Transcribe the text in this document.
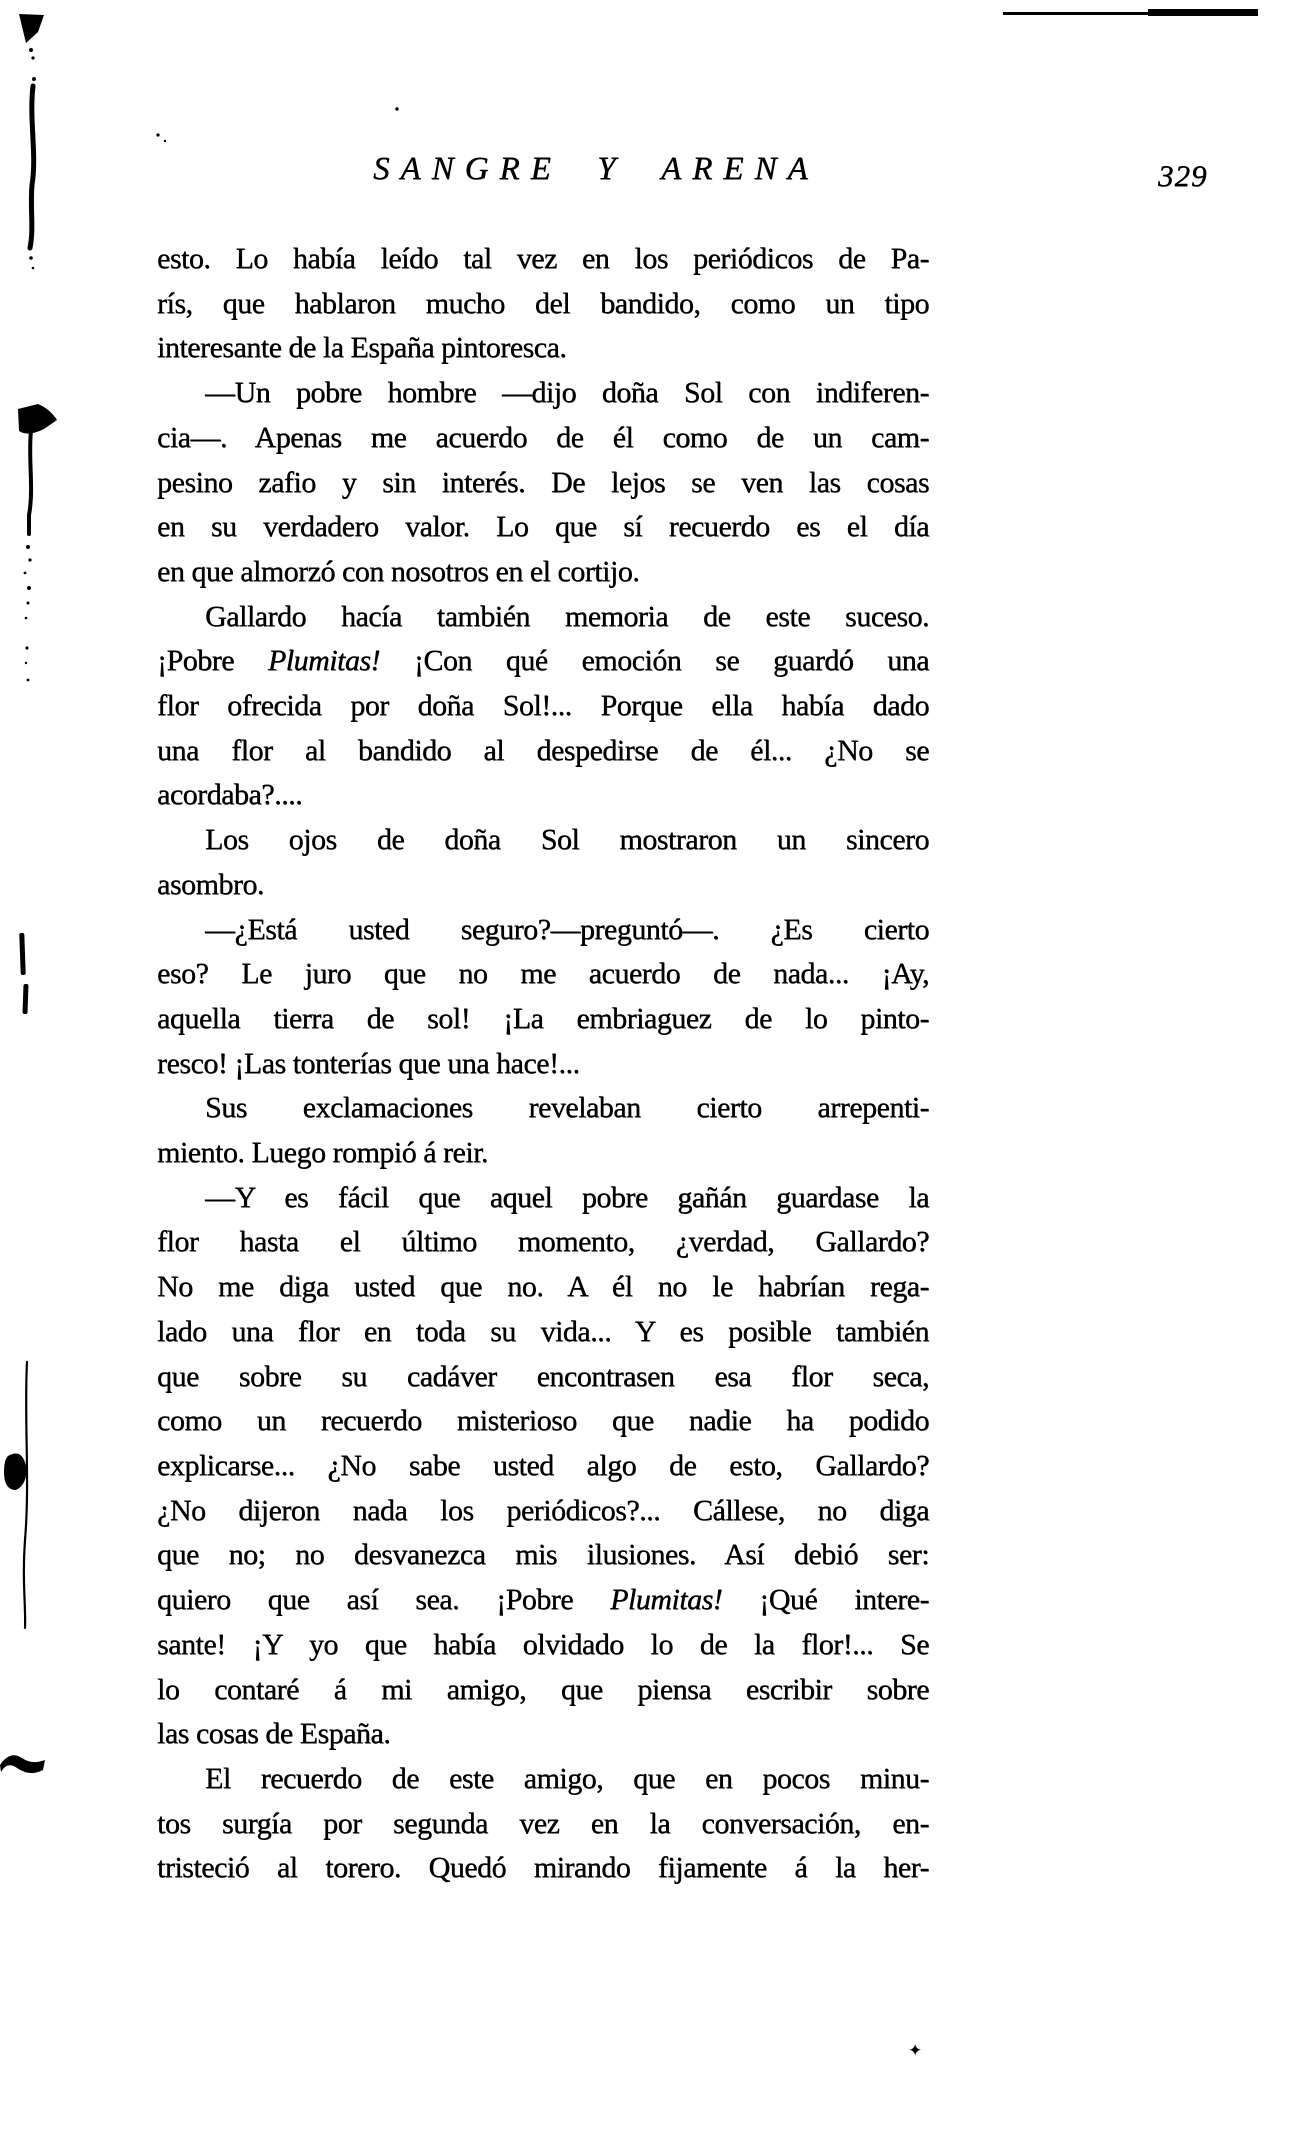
SANGRE Y ARENA	329
esto. Lo había leído tal vez en los periódicos de Pa-
rís, que hablaron mucho del bandido, como un tipo
interesante de la España pintoresca.
—Un pobre hombre —dijo doña Sol con indiferen-
cia—. Apenas me acuerdo de él como de un cam-
pesino zafio y sin interés. De lejos se ven las cosas
en su verdadero valor. Lo que sí recuerdo es el día
en que almorzó con nosotros en el cortijo.
Gallardo hacía también memoria de este suceso.
¡Pobre Plumitas! ¡Con qué emoción se guardó una
flor ofrecida por doña Sol!... Porque ella había dado
una flor al bandido al despedirse de él... ¿No se
acordaba?....
Los ojos de doña Sol mostraron un sincero
asombro.
—¿Está usted seguro?—preguntó—. ¿Es cierto
eso? Le juro que no me acuerdo de nada... ¡Ay,
aquella tierra de sol! ¡La embriaguez de lo pinto-
resco! ¡Las tonterías que una hace!...
Sus exclamaciones revelaban cierto arrepenti-
miento. Luego rompió á reir.
—Y es fácil que aquel pobre gañán guardase la
flor hasta el último momento, ¿verdad, Gallardo?
No me diga usted que no. A él no le habrían rega-
lado una flor en toda su vida... Y es posible también
que sobre su cadáver encontrasen esa flor seca,
como un recuerdo misterioso que nadie ha podido
explicarse... ¿No sabe usted algo de esto, Gallardo?
¿No dijeron nada los periódicos?... Cállese, no diga
que no; no desvanezca mis ilusiones. Así debió ser:
quiero que así sea. ¡Pobre Plumitas! ¡Qué intere-
sante! ¡Y yo que había olvidado lo de la flor!... Se
lo contaré á mi amigo, que piensa escribir sobre
las cosas de España.
El recuerdo de este amigo, que en pocos minu-
tos surgía por segunda vez en la conversación, en-
tristeció al torero. Quedó mirando fijamente á la her-
✦
